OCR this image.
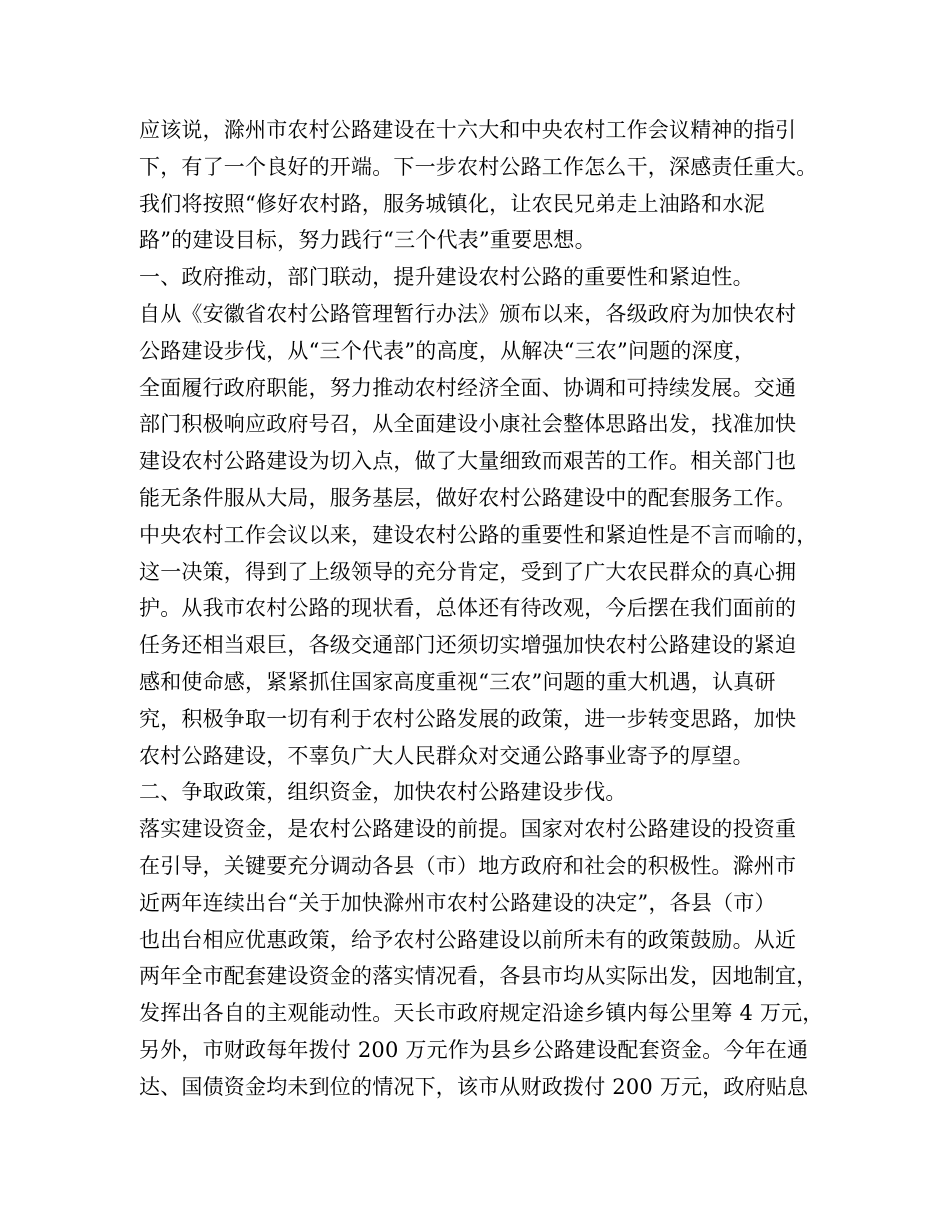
应该说，滁州市农村公路建设在十六大和中央农村工作会议精神的指引
下，有了一个良好的开端。下一步农村公路工作怎么干，深感责任重大。
我们将按照“修好农村路，服务城镇化，让农民兄弟走上油路和水泥
路”的建设目标，努力践行“三个代表”重要思想。
一、政府推动，部门联动，提升建设农村公路的重要性和紧迫性。
自从《安徽省农村公路管理暂行办法》颁布以来，各级政府为加快农村
公路建设步伐，从“三个代表”的高度，从解决“三农”问题的深度，
全面履行政府职能，努力推动农村经济全面、协调和可持续发展。交通
部门积极响应政府号召，从全面建设小康社会整体思路出发，找准加快
建设农村公路建设为切入点，做了大量细致而艰苦的工作。相关部门也
能无条件服从大局，服务基层，做好农村公路建设中的配套服务工作。
中央农村工作会议以来，建设农村公路的重要性和紧迫性是不言而喻的，
这一决策，得到了上级领导的充分肯定，受到了广大农民群众的真心拥
护。从我市农村公路的现状看，总体还有待改观，今后摆在我们面前的
任务还相当艰巨，各级交通部门还须切实增强加快农村公路建设的紧迫
感和使命感，紧紧抓住国家高度重视“三农”问题的重大机遇，认真研
究，积极争取一切有利于农村公路发展的政策，进一步转变思路，加快
农村公路建设，不辜负广大人民群众对交通公路事业寄予的厚望。
二、争取政策，组织资金，加快农村公路建设步伐。
落实建设资金，是农村公路建设的前提。国家对农村公路建设的投资重
在引导，关键要充分调动各县（市）地方政府和社会的积极性。滁州市
近两年连续出台“关于加快滁州市农村公路建设的决定”，各县（市）
也出台相应优惠政策，给予农村公路建设以前所未有的政策鼓励。从近
两年全市配套建设资金的落实情况看，各县市均从实际出发，因地制宜，
发挥出各自的主观能动性。天长市政府规定沿途乡镇内每公里筹 4 万元，
另外，市财政每年拨付 200 万元作为县乡公路建设配套资金。今年在通
达、国债资金均未到位的情况下，该市从财政拨付 200 万元，政府贴息
